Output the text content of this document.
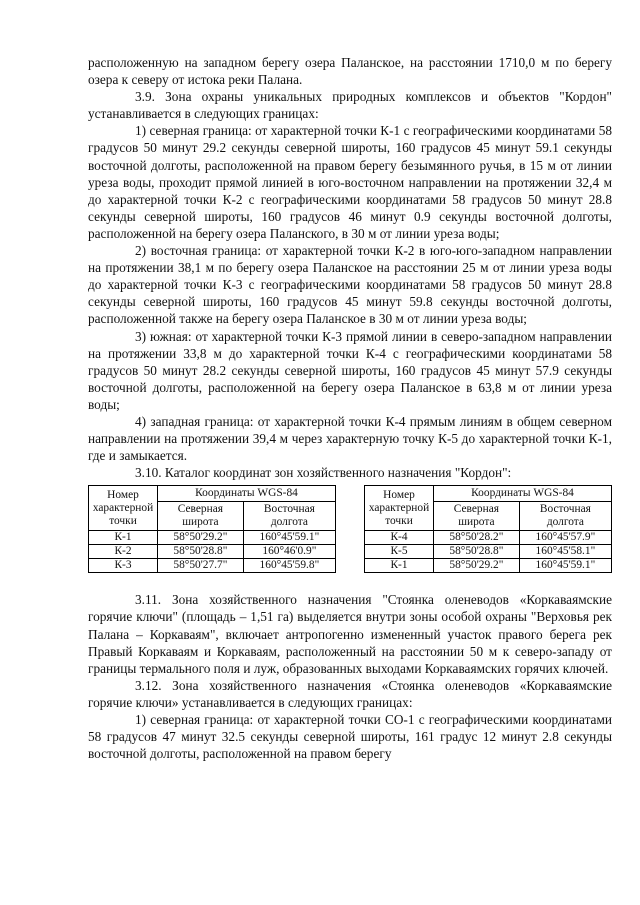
расположенную на западном берегу озера Паланское, на расстоянии 1710,0 м по берегу озера к северу от истока реки Палана.

3.9. Зона охраны уникальных природных комплексов и объектов "Кордон" устанавливается в следующих границах:

1) северная граница: от характерной точки К-1 с географическими координатами 58 градусов 50 минут 29.2 секунды северной широты, 160 градусов 45 минут 59.1 секунды восточной долготы, расположенной на правом берегу безымянного ручья, в 15 м от линии уреза воды, проходит прямой линией в юго-восточном направлении на протяжении 32,4 м до характерной точки К-2 с географическими координатами 58 градусов 50 минут 28.8 секунды северной широты, 160 градусов 46 минут 0.9 секунды восточной долготы, расположенной на берегу озера Паланского, в 30 м от линии уреза воды;

2) восточная граница: от характерной точки К-2 в юго-юго-западном направлении на протяжении 38,1 м по берегу озера Паланское на расстоянии 25 м от линии уреза воды до характерной точки К-3 с географическими координатами 58 градусов 50 минут 28.8 секунды северной широты, 160 градусов 45 минут 59.8 секунды восточной долготы, расположенной также на берегу озера Паланское в 30 м от линии уреза воды;

3) южная: от характерной точки К-3 прямой линии в северо-западном направлении на протяжении 33,8 м до характерной точки К-4 с географическими координатами 58 градусов 50 минут 28.2 секунды северной широты, 160 градусов 45 минут 57.9 секунды восточной долготы, расположенной на берегу озера Паланское в 63,8 м от линии уреза воды;

4) западная граница: от характерной точки К-4 прямым линиям в общем северном направлении на протяжении 39,4 м через характерную точку К-5 до характерной точки К-1, где и замыкается.

3.10. Каталог координат зон хозяйственного назначения "Кордон":

Номер характерной точки	Координаты WGS-84	
	Северная широта	Восточная долгота
К-1	58°50'29.2"	160°45'59.1"
К-2	58°50'28.8"	160°46'0.9"
К-3	58°50'27.7"	160°45'59.8"
Номер характерной точки	Координаты WGS-84	
	Северная широта	Восточная долгота
К-4	58°50'28.2"	160°45'57.9"
К-5	58°50'28.8"	160°45'58.1"
К-1	58°50'29.2"	160°45'59.1"

3.11. Зона хозяйственного назначения "Стоянка оленеводов «Коркаваямские горячие ключи" (площадь – 1,51 га) выделяется внутри зоны особой охраны "Верховья рек Палана – Коркаваям", включает антропогенно измененный участок правого берега рек Правый Коркаваям и Коркаваям, расположенный на расстоянии 50 м к северо-западу от границы термального поля и луж, образованных выходами Коркаваямских горячих ключей.

3.12. Зона хозяйственного назначения «Стоянка оленеводов «Коркаваямские горячие ключи» устанавливается в следующих границах:

1) северная граница: от характерной точки СО-1 с географическими координатами 58 градусов 47 минут 32.5 секунды северной широты, 161 градус 12 минут 2.8 секунды восточной долготы, расположенной на правом берегу
